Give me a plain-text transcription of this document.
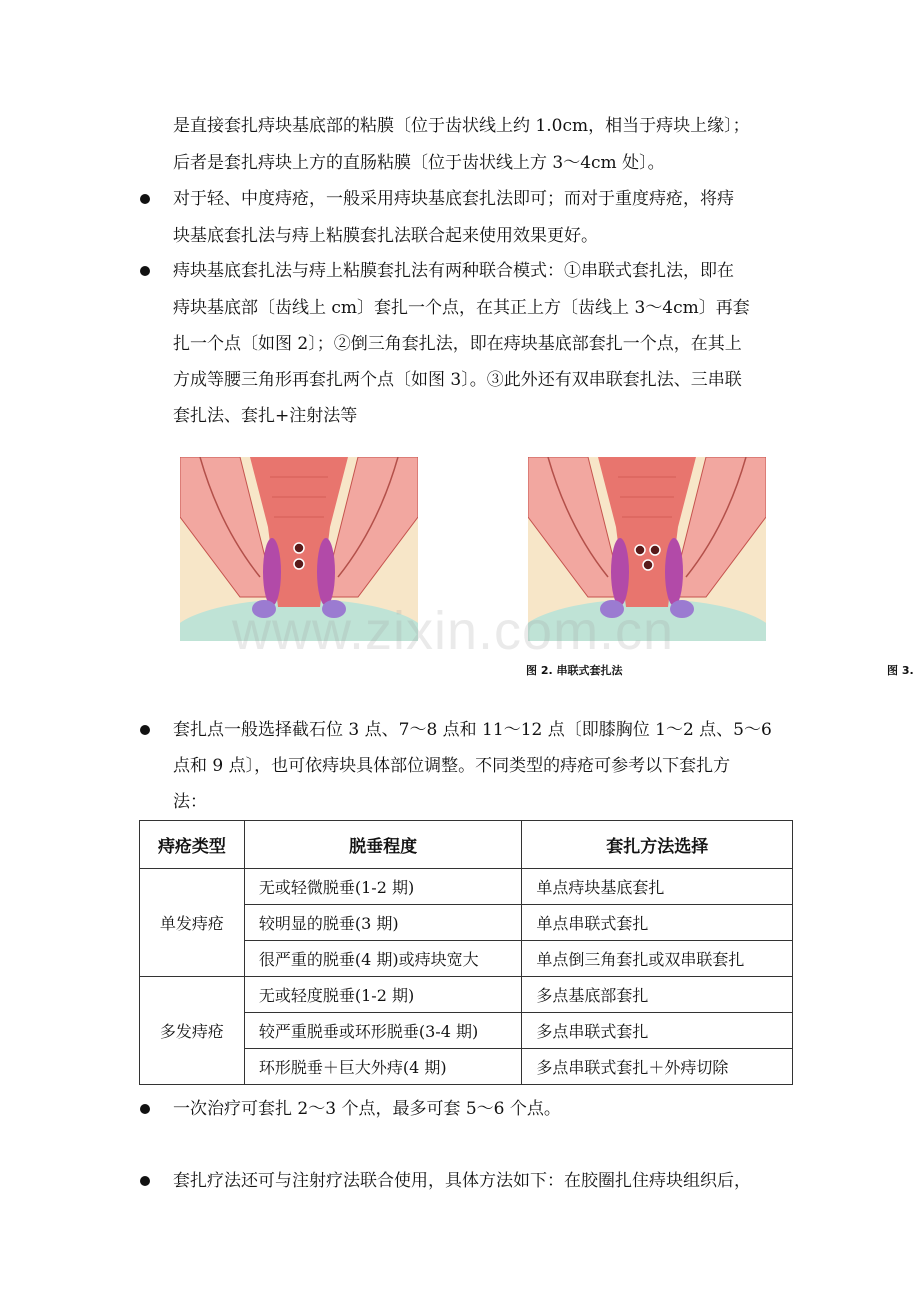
是直接套扎痔块基底部的粘膜〔位于齿状线上约 1.0cm，相当于痔块上缘〕；
后者是套扎痔块上方的直肠粘膜〔位于齿状线上方 3～4cm 处〕。
对于轻、中度痔疮，一般采用痔块基底套扎法即可；而对于重度痔疮，将痔
块基底套扎法与痔上粘膜套扎法联合起来使用效果更好。
痔块基底套扎法与痔上粘膜套扎法有两种联合模式：①串联式套扎法，即在
痔块基底部〔齿线上 cm〕套扎一个点，在其正上方〔齿线上 3～4cm〕再套
扎一个点〔如图 2〕；②倒三角套扎法，即在痔块基底部套扎一个点，在其上
方成等腰三角形再套扎两个点〔如图 3〕。③此外还有双串联套扎法、三串联
套扎法、套扎+注射法等
www.zixin.com.cn
图 2. 串联式套扎法	图 3.
套扎点一般选择截石位 3 点、7～8 点和 11～12 点〔即膝胸位 1～2 点、5～6
点和 9 点〕，也可依痔块具体部位调整。不同类型的痔疮可参考以下套扎方
法：
痔疮类型	脱垂程度	套扎方法选择
单发痔疮	无或轻微脱垂(1-2 期)	单点痔块基底套扎
	较明显的脱垂(3 期)	单点串联式套扎
	很严重的脱垂(4 期)或痔块宽大	单点倒三角套扎或双串联套扎
多发痔疮	无或轻度脱垂(1-2 期)	多点基底部套扎
	较严重脱垂或环形脱垂(3-4 期)	多点串联式套扎
	环形脱垂＋巨大外痔(4 期)	多点串联式套扎＋外痔切除
一次治疗可套扎 2～3 个点，最多可套 5～6 个点。
套扎疗法还可与注射疗法联合使用，具体方法如下：在胶圈扎住痔块组织后，
